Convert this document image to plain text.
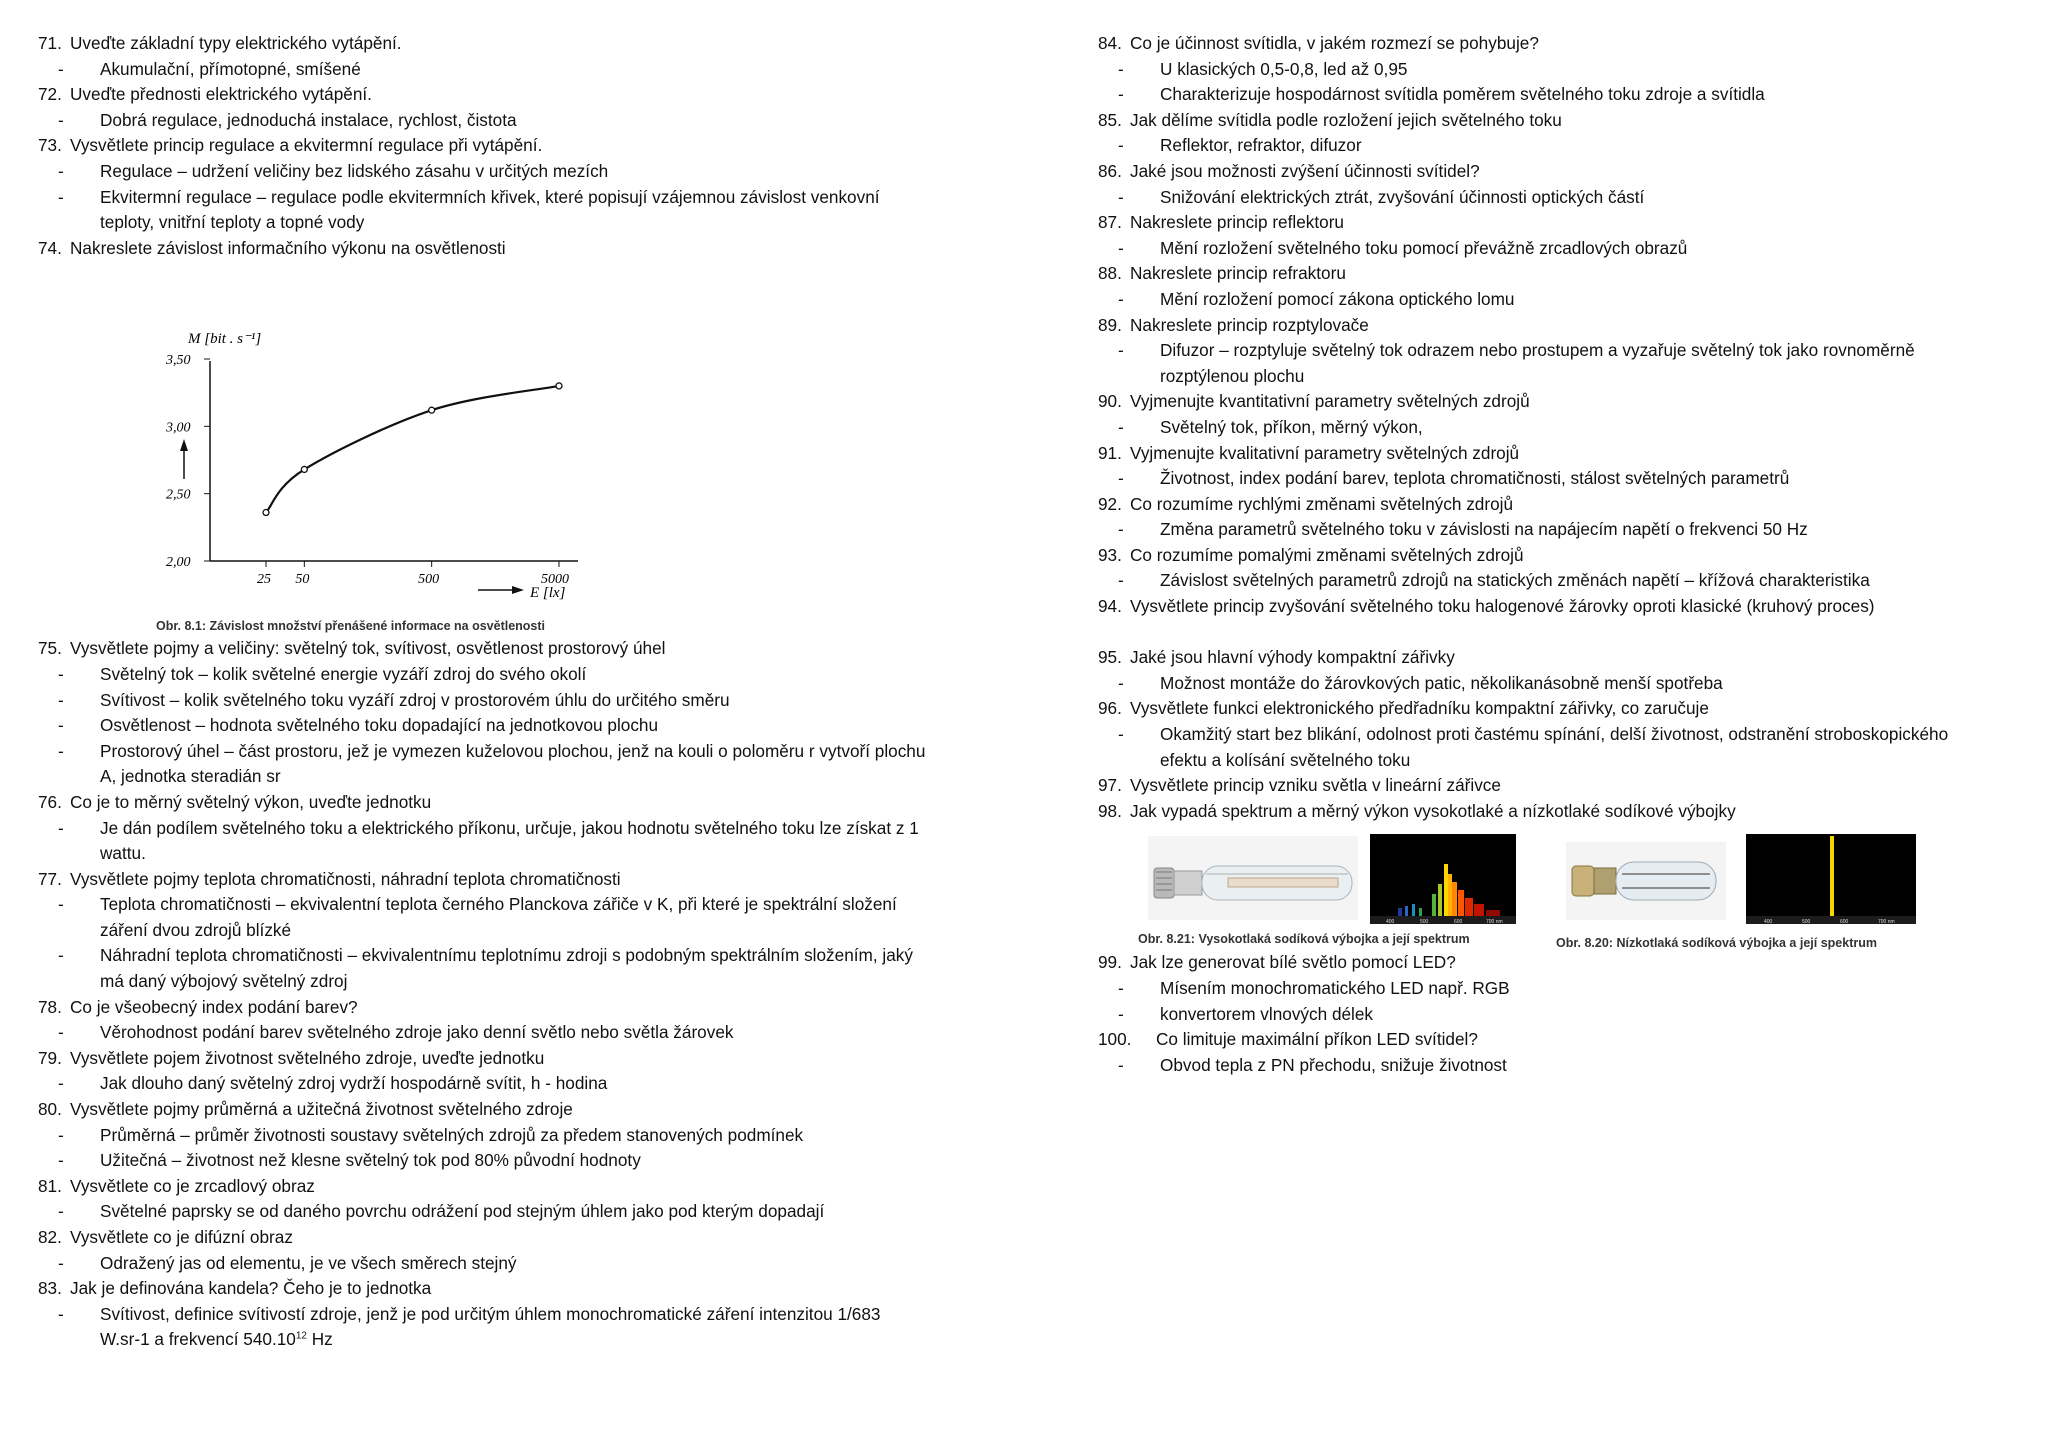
71. Uveďte základní typy elektrického vytápění.
- Akumulační, přímotopné, smíšené
72. Uveďte přednosti elektrického vytápění.
- Dobrá regulace, jednoduchá instalace, rychlost, čistota
73. Vysvětlete princip regulace a ekvitermní regulace při vytápění.
- Regulace – udržení veličiny bez lidského zásahu v určitých mezích
- Ekvitermní regulace – regulace podle ekvitermních křivek, které popisují vzájemnou závislost venkovní
teploty, vnitřní teploty a topné vody
74. Nakreslete závislost informačního výkonu na osvětlenosti
M [bit . s⁻¹]
E [lx]
2,00
2,50
3,00
3,50
25 50	500	5000
Obr. 8.1: Závislost množství přenášené informace na osvětlenosti
75. Vysvětlete pojmy a veličiny: světelný tok, svítivost, osvětlenost prostorový úhel
- Světelný tok – kolik světelné energie vyzáří zdroj do svého okolí
- Svítivost – kolik světelného toku vyzáří zdroj v prostorovém úhlu do určitého směru
- Osvětlenost – hodnota světelného toku dopadající na jednotkovou plochu
- Prostorový úhel – část prostoru, jež je vymezen kuželovou plochou, jenž na kouli o poloměru r vytvoří plochu
A, jednotka steradián sr
76. Co je to měrný světelný výkon, uveďte jednotku
- Je dán podílem světelného toku a elektrického příkonu, určuje, jakou hodnotu světelného toku lze získat z 1
wattu.
77. Vysvětlete pojmy teplota chromatičnosti, náhradní teplota chromatičnosti
- Teplota chromatičnosti – ekvivalentní teplota černého Planckova zářiče v K, při které je spektrální složení
záření dvou zdrojů blízké
- Náhradní teplota chromatičnosti – ekvivalentnímu teplotnímu zdroji s podobným spektrálním složením, jaký
má daný výbojový světelný zdroj
78. Co je všeobecný index podání barev?
- Věrohodnost podání barev světelného zdroje jako denní světlo nebo světla žárovek
79. Vysvětlete pojem životnost světelného zdroje, uveďte jednotku
- Jak dlouho daný světelný zdroj vydrží hospodárně svítit, h - hodina
80. Vysvětlete pojmy průměrná a užitečná životnost světelného zdroje
- Průměrná – průměr životnosti soustavy světelných zdrojů za předem stanovených podmínek
- Užitečná – životnost než klesne světelný tok pod 80% původní hodnoty
81. Vysvětlete co je zrcadlový obraz
- Světelné paprsky se od daného povrchu odrážení pod stejným úhlem jako pod kterým dopadají
82. Vysvětlete co je difúzní obraz
- Odražený jas od elementu, je ve všech směrech stejný
83. Jak je definována kandela? Čeho je to jednotka
- Svítivost, definice svítivostí zdroje, jenž je pod určitým úhlem monochromatické záření intenzitou 1/683
W.sr-1 a frekvencí 540.10$^{12}$ Hz
84. Co je účinnost svítidla, v jakém rozmezí se pohybuje?
- U klasických 0,5-0,8, led až 0,95
- Charakterizuje hospodárnost svítidla poměrem světelného toku zdroje a svítidla
85. Jak dělíme svítidla podle rozložení jejich světelného toku
- Reflektor, refraktor, difuzor
86. Jaké jsou možnosti zvýšení účinnosti svítidel?
- Snižování elektrických ztrát, zvyšování účinnosti optických částí
87. Nakreslete princip reflektoru
- Mění rozložení světelného toku pomocí převážně zrcadlových obrazů
88. Nakreslete princip refraktoru
- Mění rozložení pomocí zákona optického lomu
89. Nakreslete princip rozptylovače
- Difuzor – rozptyluje světelný tok odrazem nebo prostupem a vyzařuje světelný tok jako rovnoměrně
rozptýlenou plochu
90. Vyjmenujte kvantitativní parametry světelných zdrojů
- Světelný tok, příkon, měrný výkon,
91. Vyjmenujte kvalitativní parametry světelných zdrojů
- Životnost, index podání barev, teplota chromatičnosti, stálost světelných parametrů
92. Co rozumíme rychlými změnami světelných zdrojů
- Změna parametrů světelného toku v závislosti na napájecím napětí o frekvenci 50 Hz
93. Co rozumíme pomalými změnami světelných zdrojů
- Závislost světelných parametrů zdrojů na statických změnách napětí – křížová charakteristika
94. Vysvětlete princip zvyšování světelného toku halogenové žárovky oproti klasické (kruhový proces)
95. Jaké jsou hlavní výhody kompaktní zářivky
- Možnost montáže do žárovkových patic, několikanásobně menší spotřeba
96. Vysvětlete funkci elektronického předřadníku kompaktní zářivky, co zaručuje
- Okamžitý start bez blikání, odolnost proti častému spínání, delší životnost, odstranění stroboskopického
efektu a kolísání světelného toku
97. Vysvětlete princip vzniku světla v lineární zářivce
98. Jak vypadá spektrum a měrný výkon vysokotlaké a nízkotlaké sodíkové výbojky
400	500	600	700 nm
Obr. 8.21: Vysokotlaká sodíková výbojka a její spektrum
400	500	600	700 nm
Obr. 8.20: Nízkotlaká sodíková výbojka a její spektrum
99. Jak lze generovat bílé světlo pomocí LED?
- Mísením monochromatického LED např. RGB
- konvertorem vlnových délek
100. Co limituje maximální příkon LED svítidel?
- Obvod tepla z PN přechodu, snižuje životnost
